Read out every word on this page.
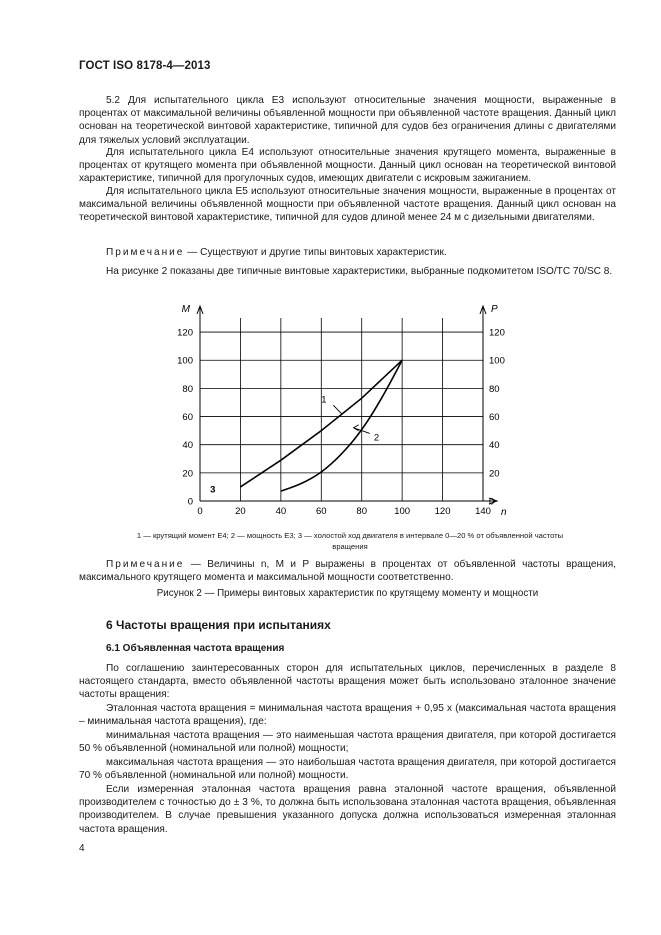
ГОСТ ISO 8178-4—2013

5.2 Для испытательного цикла Е3 используют относительные значения мощности, выраженные в процентах от максимальной величины объявленной мощности при объявленной частоте вращения. Данный цикл основан на теоретической винтовой характеристике, типичной для судов без ограничения длины с двигателями для тяжелых условий эксплуатации.

Для испытательного цикла Е4 используют относительные значения крутящего момента, выраженные в процентах от крутящего момента при объявленной мощности. Данный цикл основан на теоретической винтовой характеристике, типичной для прогулочных судов, имеющих двигатели с искровым зажиганием.

Для испытательного цикла Е5 используют относительные значения мощности, выраженные в процентах от максимальной величины объявленной мощности при объявленной частоте вращения. Данный цикл основан на теоретической винтовой характеристике, типичной для судов длиной менее 24 м с дизельными двигателями.

Примечание — Существуют и другие типы винтовых характеристик.

На рисунке 2 показаны две типичные винтовые характеристики, выбранные подкомитетом ISO/TC 70/SC 8.

0	20	40	60	80	100	120	140
0	0
20	20
40	40
60	60
80	80
100	100
120	120
M	P
n
1
2
3
1 — крутящий момент Е4; 2 — мощность Е3; 3 — холостой ход двигателя в интервале 0—20 % от объявленной частоты вращения

Примечание — Величины n, M и P выражены в процентах от объявленной частоты вращения, максимального крутящего момента и максимальной мощности соответственно.

Рисунок 2 — Примеры винтовых характеристик по крутящему моменту и мощности
6 Частоты вращения при испытаниях
6.1 Объявленная частота вращения

По соглашению заинтересованных сторон для испытательных циклов, перечисленных в разделе 8 настоящего стандарта, вместо объявленной частоты вращения может быть использовано эталонное значение частоты вращения:

Эталонная частота вращения = минимальная частота вращения + 0,95 х (максимальная частота вращения – минимальная частота вращения), где:

минимальная частота вращения — это наименьшая частота вращения двигателя, при которой достигается 50 % объявленной (номинальной или полной) мощности;

максимальная частота вращения — это наибольшая частота вращения двигателя, при которой достигается 70 % объявленной (номинальной или полной) мощности.

Если измеренная эталонная частота вращения равна эталонной частоте вращения, объявленной производителем с точностью до ± 3 %, то должна быть использована эталонная частота вращения, объявленная производителем. В случае превышения указанного допуска должна использоваться измеренная эталонная частота вращения.

4
